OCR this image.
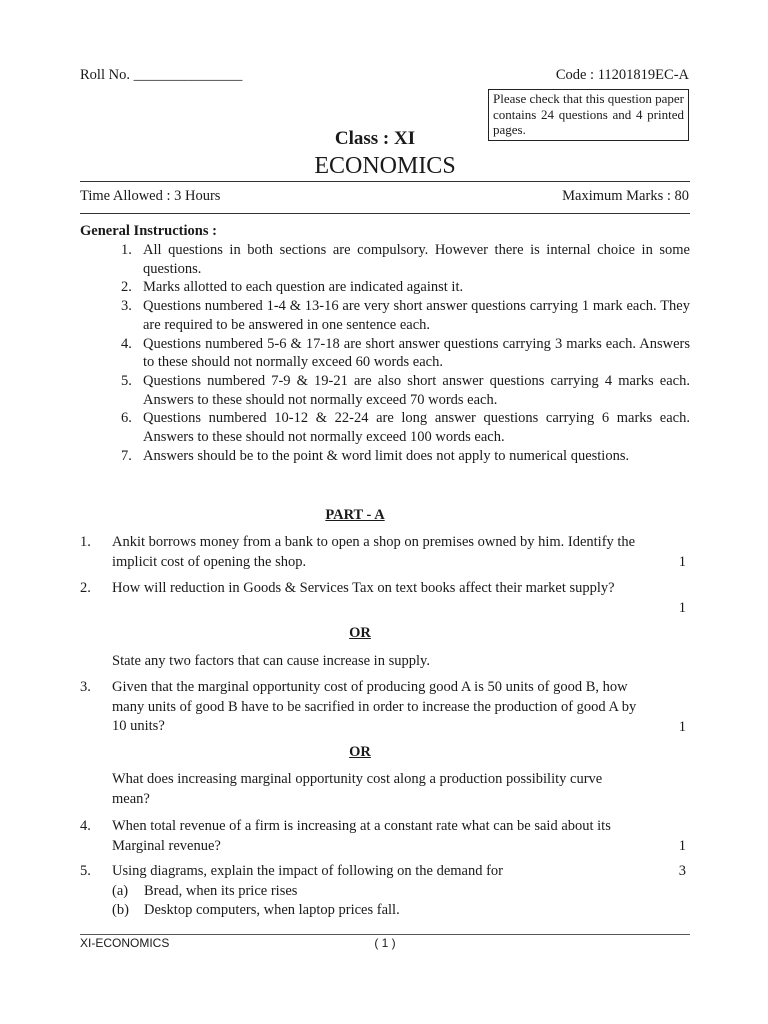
Roll No. _______________	Code : 11201819EC-A
Please check that this question paper contains 24 questions and 4 printed pages.
Class : XI
ECONOMICS
Time Allowed : 3 Hours	Maximum Marks : 80
General Instructions :
1. All questions in both sections are compulsory. However there is internal choice in some questions.
2. Marks allotted to each question are indicated against it.
3. Questions numbered 1-4 & 13-16 are very short answer questions carrying 1 mark each. They are required to be answered in one sentence each.
4. Questions numbered 5-6 & 17-18 are short answer questions carrying 3 marks each. Answers to these should not normally exceed 60 words each.
5. Questions numbered 7-9 & 19-21 are also short answer questions carrying 4 marks each. Answers to these should not normally exceed 70 words each.
6. Questions numbered 10-12 & 22-24 are long answer questions carrying 6 marks each. Answers to these should not normally exceed 100 words each.
7. Answers should be to the point & word limit does not apply to numerical questions.
PART - A
1. Ankit borrows money from a bank to open a shop on premises owned by him. Identify the implicit cost of opening the shop.	1
2. How will reduction in Goods & Services Tax on text books affect their market supply?
1
OR
State any two factors that can cause increase in supply.
3. Given that the marginal opportunity cost of producing good A is 50 units of good B, how many units of good B have to be sacrified in order to increase the production of good A by 10 units?	1
OR
What does increasing marginal opportunity cost along a production possibility curve mean?
4. When total revenue of a firm is increasing at a constant rate what can be said about its Marginal revenue?	1
5. Using diagrams, explain the impact of following on the demand for	3
(a)	Bread, when its price rises
(b)	Desktop computers, when laptop prices fall.
XI-ECONOMICS	( 1 )
